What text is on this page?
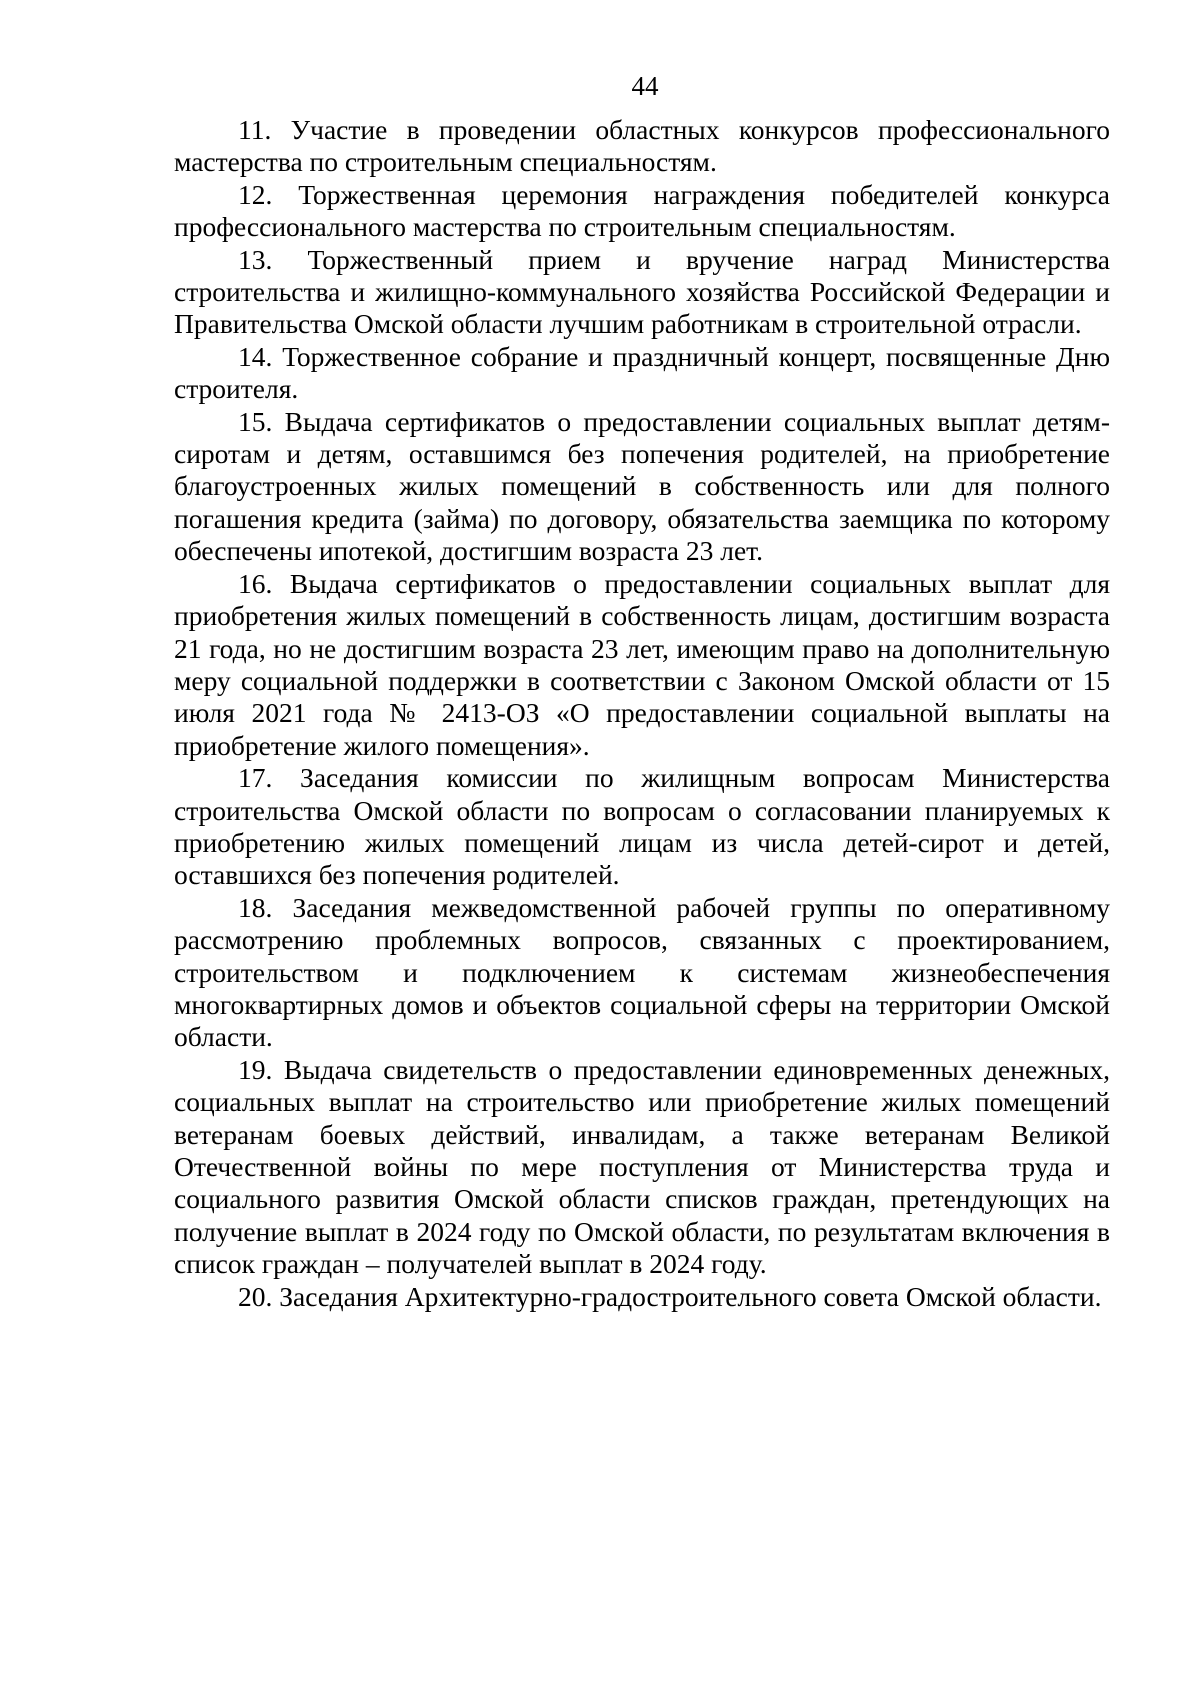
44

11. Участие в проведении областных конкурсов профессионального мастерства по строительным специальностям.

12. Торжественная церемония награждения победителей конкурса профессионального мастерства по строительным специальностям.

13. Торжественный прием и вручение наград Министерства строительства и жилищно-коммунального хозяйства Российской Федерации и Правительства Омской области лучшим работникам в строительной отрасли.

14. Торжественное собрание и праздничный концерт, посвященные Дню строителя.

15. Выдача сертификатов о предоставлении социальных выплат детям-сиротам и детям, оставшимся без попечения родителей, на приобретение благоустроенных жилых помещений в собственность или для полного погашения кредита (займа) по договору, обязательства заемщика по которому обеспечены ипотекой, достигшим возраста 23 лет.

16. Выдача сертификатов о предоставлении социальных выплат для приобретения жилых помещений в собственность лицам, достигшим возраста 21 года, но не достигшим возраста 23 лет, имеющим право на дополнительную меру социальной поддержки в соответствии с Законом Омской области от 15 июля 2021 года № 2413-ОЗ «О предоставлении социальной выплаты на приобретение жилого помещения».

17. Заседания комиссии по жилищным вопросам Министерства строительства Омской области по вопросам о согласовании планируемых к приобретению жилых помещений лицам из числа детей-сирот и детей, оставшихся без попечения родителей.

18. Заседания межведомственной рабочей группы по оперативному рассмотрению проблемных вопросов, связанных с проектированием, строительством и подключением к системам жизнеобеспечения многоквартирных домов и объектов социальной сферы на территории Омской области.

19. Выдача свидетельств о предоставлении единовременных денежных, социальных выплат на строительство или приобретение жилых помещений ветеранам боевых действий, инвалидам, а также ветеранам Великой Отечественной войны по мере поступления от Министерства труда и социального развития Омской области списков граждан, претендующих на получение выплат в 2024 году по Омской области, по результатам включения в список граждан – получателей выплат в 2024 году.

20. Заседания Архитектурно-градостроительного совета Омской области.
